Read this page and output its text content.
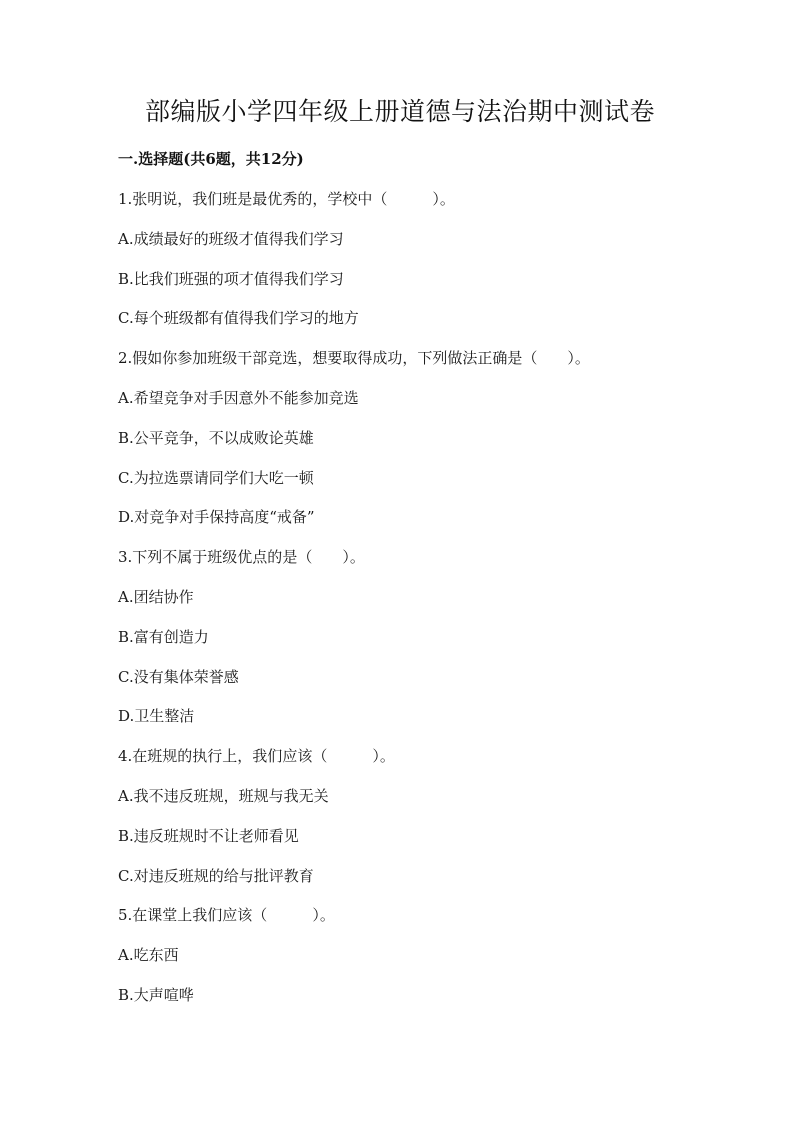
部编版小学四年级上册道德与法治期中测试卷
一.选择题(共6题，共12分)
1.张明说，我们班是最优秀的，学校中（　　　）。
A.成绩最好的班级才值得我们学习
B.比我们班强的项才值得我们学习
C.每个班级都有值得我们学习的地方
2.假如你参加班级干部竞选，想要取得成功，下列做法正确是（　　）。
A.希望竞争对手因意外不能参加竞选
B.公平竞争，不以成败论英雄
C.为拉选票请同学们大吃一顿
D.对竞争对手保持高度“戒备”
3.下列不属于班级优点的是（　　）。
A.团结协作
B.富有创造力
C.没有集体荣誉感
D.卫生整洁
4.在班规的执行上，我们应该（　　　）。
A.我不违反班规，班规与我无关
B.违反班规时不让老师看见
C.对违反班规的给与批评教育
5.在课堂上我们应该（　　　）。
A.吃东西
B.大声喧哗
